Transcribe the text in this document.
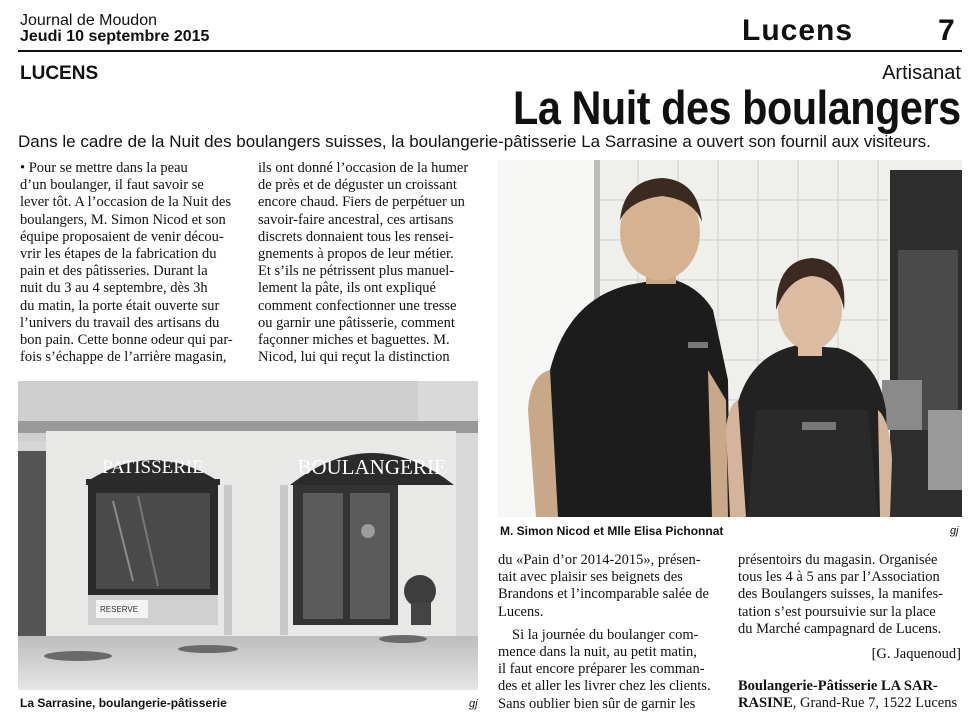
Journal de Moudon
Jeudi 10 septembre 2015	Lucens	7
LUCENS	Artisanat
La Nuit des boulangers
Dans le cadre de la Nuit des boulangers suisses, la boulangerie-pâtisserie La Sarrasine a ouvert son fournil aux visiteurs.

• Pour se mettre dans la peau
d’un boulanger, il faut savoir se
lever tôt. A l’occasion de la Nuit des
boulangers, M. Simon Nicod et son
équipe proposaient de venir décou-
vrir les étapes de la fabrication du
pain et des pâtisseries. Durant la
nuit du 3 au 4 septembre, dès 3h
du matin, la porte était ouverte sur
l’univers du travail des artisans du
bon pain. Cette bonne odeur qui par-
fois s’échappe de l’arrière magasin,

ils ont donné l’occasion de la humer
de près et de déguster un croissant
encore chaud. Fiers de perpétuer un
savoir-faire ancestral, ces artisans
discrets donnaient tous les rensei-
gnements à propos de leur métier.
Et s’ils ne pétrissent plus manuel-
lement la pâte, ils ont expliqué
comment confectionner une tresse
ou garnir une pâtisserie, comment
façonner miches et baguettes. M.
Nicod, lui qui reçut la distinction

du «Pain d’or 2014-2015», présen-
tait avec plaisir ses beignets des
Brandons et l’incomparable salée de
Lucens.

Si la journée du boulanger com-
mence dans la nuit, au petit matin,
il faut encore préparer les comman-
des et aller les livrer chez les clients.
Sans oublier bien sûr de garnir les

présentoirs du magasin. Organisée
tous les 4 à 5 ans par l’Association
des Boulangers suisses, la manifes-
tation s’est poursuivie sur la place
du Marché campagnard de Lucens.

[G. Jaquenoud]
Boulangerie-Pâtisserie LA SAR-
RASINE, Grand-Rue 7, 1522 Lucens
PATISSERIE	BOULANGERIE
RESERVE
La Sarrasine, boulangerie-pâtisserie	gj
M. Simon Nicod et Mlle Elisa Pichonnat	gj
